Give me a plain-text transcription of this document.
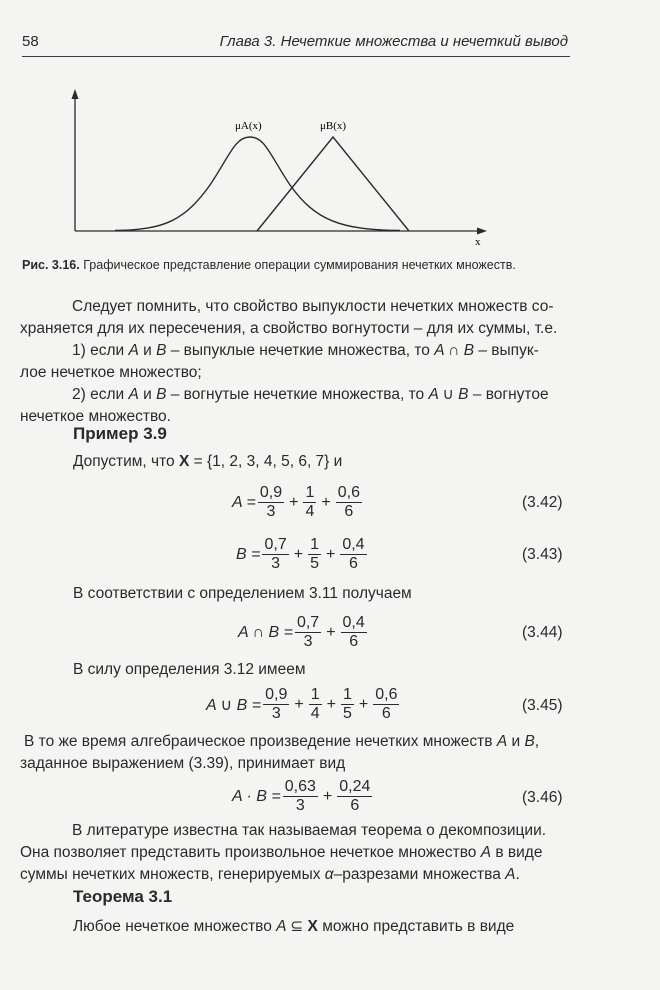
58	Глава 3. Нечеткие множества и нечеткий вывод
μA(x)	μB(x)
x
Рис. 3.16. Графическое представление операции суммирования нечетких множеств.
Следует помнить, что свойство выпуклости нечетких множеств со-
храняется для их пересечения, а свойство вогнутости – для их суммы, т.е.
1) если A и B – выпуклые нечеткие множества, то A ∩ B – выпук-
лое нечеткое множество;
2) если A и B – вогнутые нечеткие множества, то A ∪ B – вогнутое
нечеткое множество.
Пример 3.9
Допустим, что X = {1, 2, 3, 4, 5, 6, 7} и
$A = \frac{0,9}{3} + \frac{1}{4} + \frac{0,6}{6}$	(3.42)
$B = \frac{0,7}{3} + \frac{1}{5} + \frac{0,4}{6}$	(3.43)
В соответствии с определением 3.11 получаем
A ∩ $B = \frac{0,7}{3} + \frac{0,4}{6}$	(3.44)
В силу определения 3.12 имеем
A ∪ $B = \frac{0,9}{3} + \frac{1}{4} + \frac{1}{5} + \frac{0,6}{6}$	(3.45)
В то же время алгебраическое произведение нечетких множеств A и B,
заданное выражением (3.39), принимает вид
$A \cdot B = \frac{0,63}{3} + \frac{0,24}{6}$	(3.46)
В литературе известна так называемая теорема о декомпозиции.
Она позволяет представить произвольное нечеткое множество A в виде
суммы нечетких множеств, генерируемых α–разрезами множества A.
Теорема 3.1
Любое нечеткое множество A ⊆ X можно представить в виде
